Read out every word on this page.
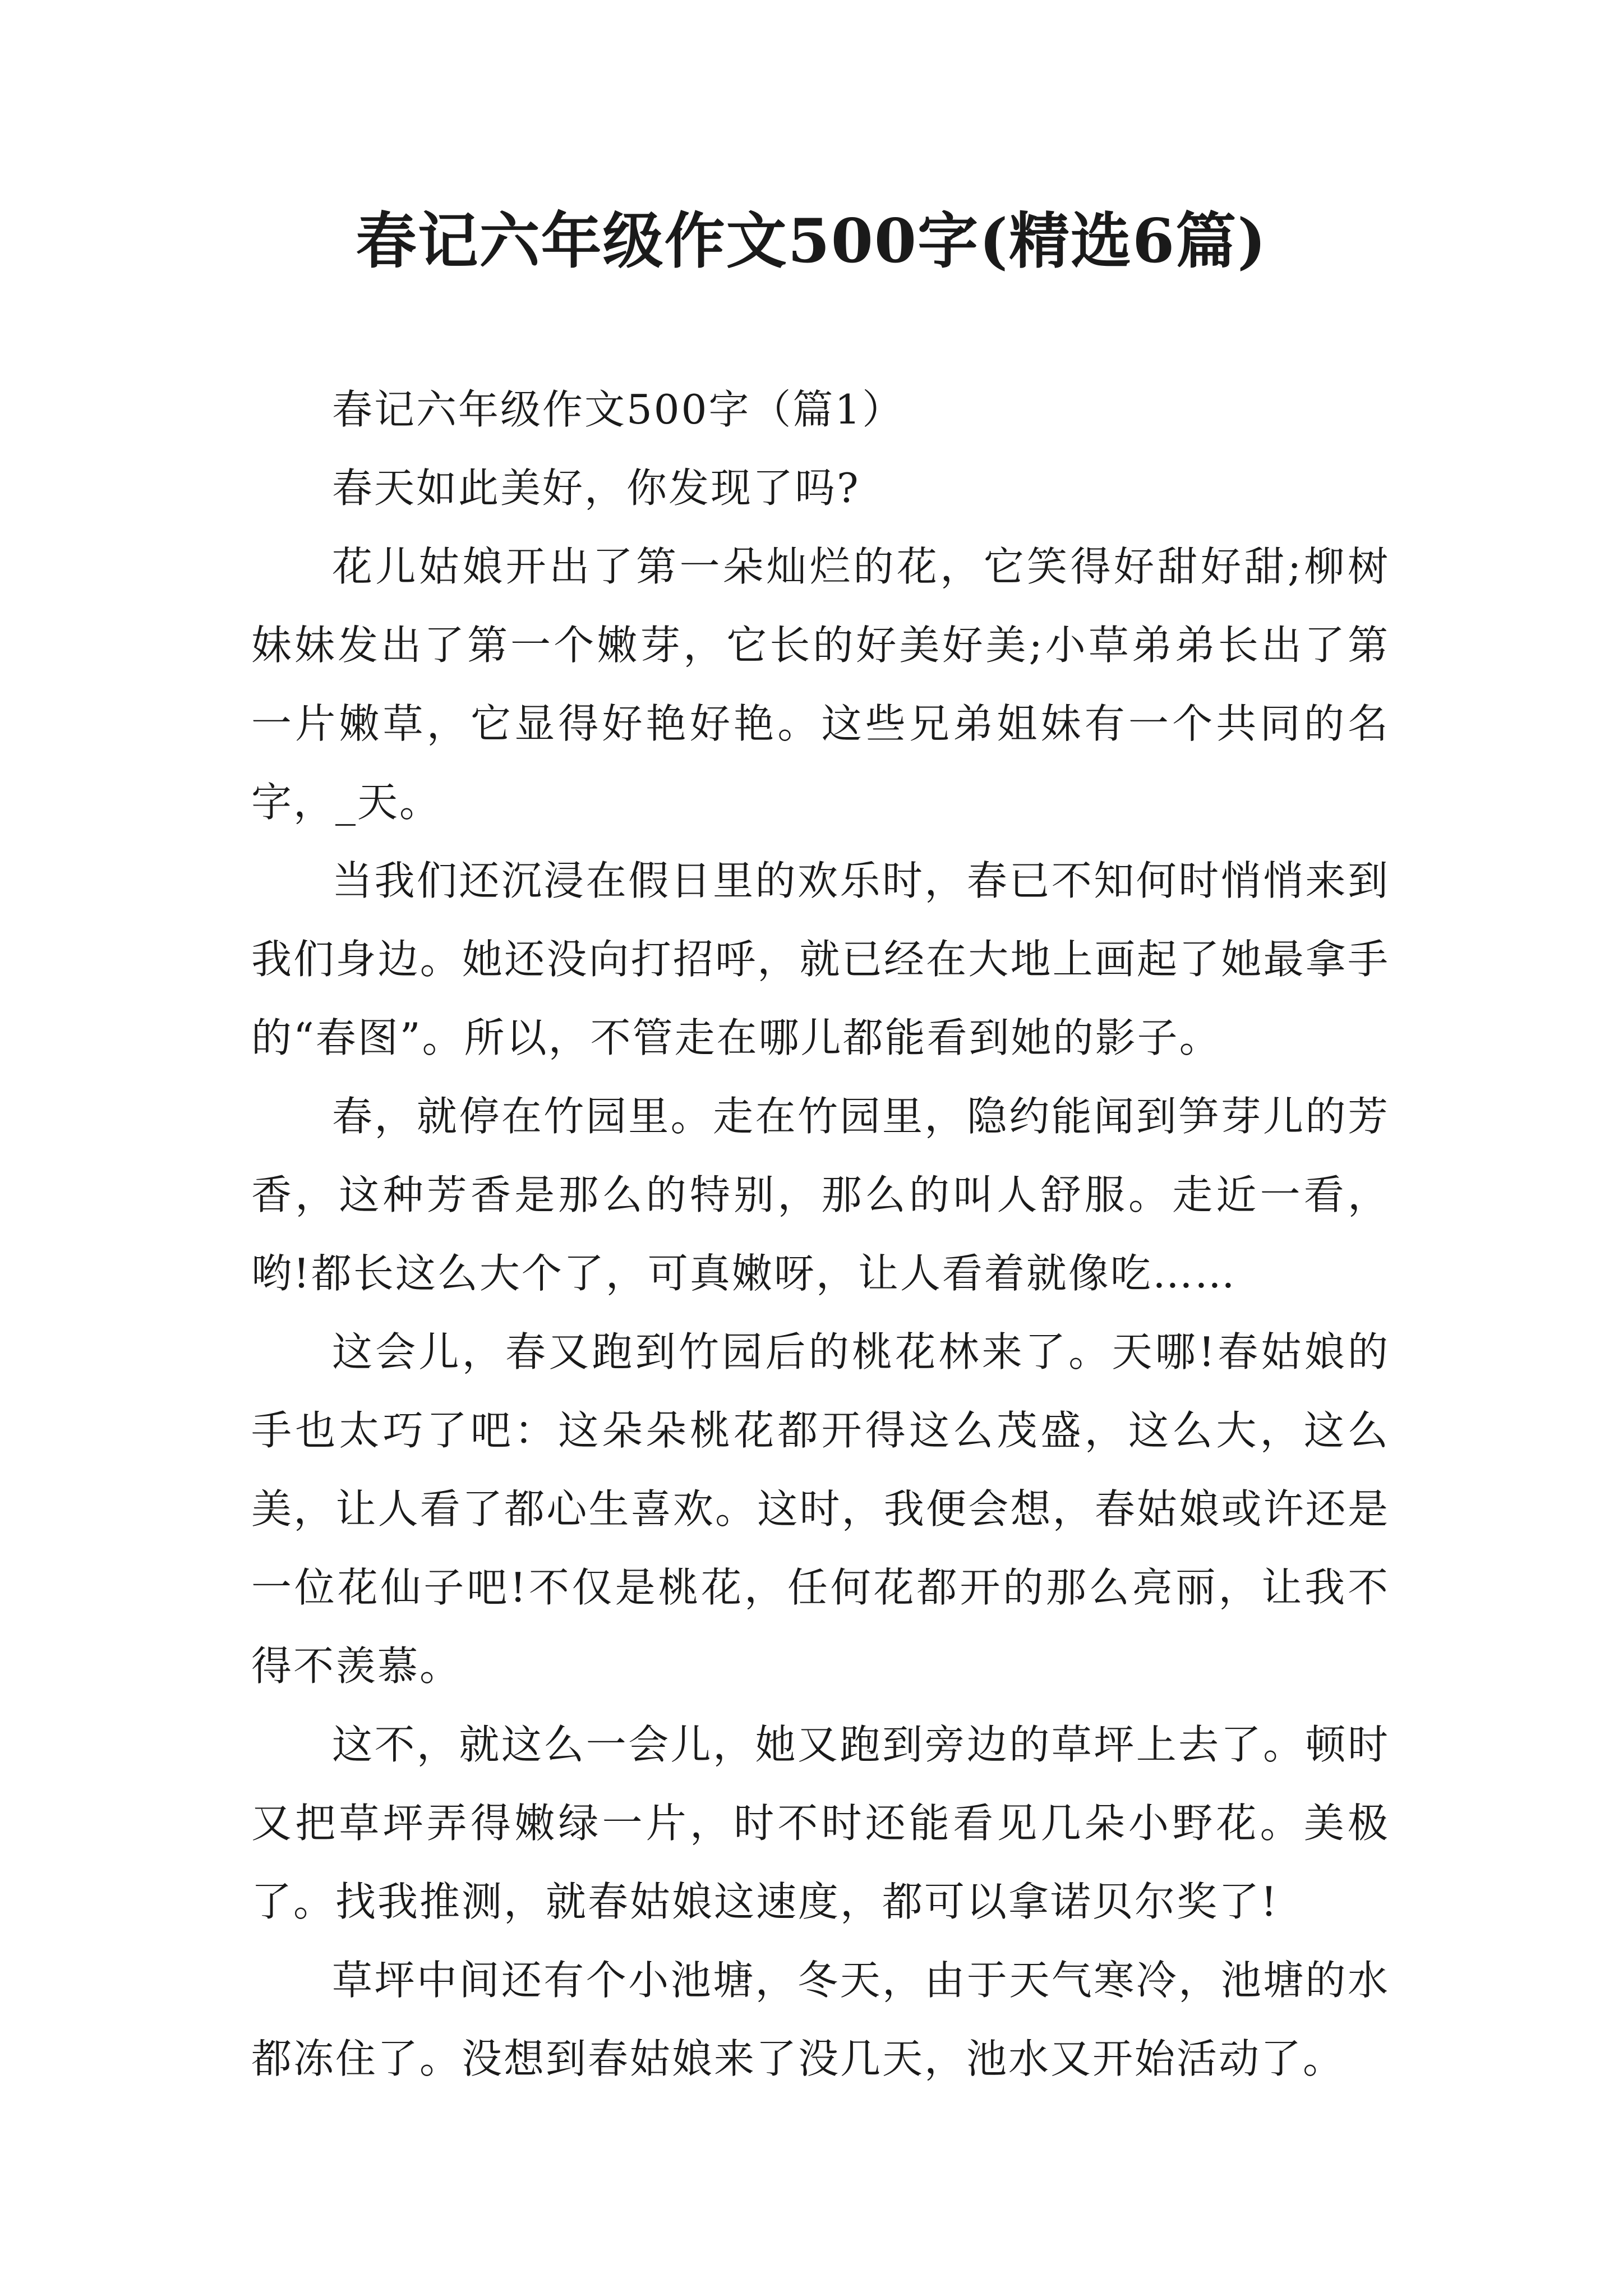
春记六年级作文500字(精选6篇)

春记六年级作文500字（篇1）

春天如此美好，你发现了吗?

花儿姑娘开出了第一朵灿烂的花，它笑得好甜好甜;柳树妹妹发出了第一个嫩芽，它长的好美好美;小草弟弟长出了第一片嫩草，它显得好艳好艳。这些兄弟姐妹有一个共同的名字，_天。

当我们还沉浸在假日里的欢乐时，春已不知何时悄悄来到我们身边。她还没向打招呼，就已经在大地上画起了她最拿手的“春图”。所以，不管走在哪儿都能看到她的影子。

春，就停在竹园里。走在竹园里，隐约能闻到笋芽儿的芳香，这种芳香是那么的特别，那么的叫人舒服。走近一看，哟!都长这么大个了，可真嫩呀，让人看着就像吃……

这会儿，春又跑到竹园后的桃花林来了。天哪!春姑娘的手也太巧了吧：这朵朵桃花都开得这么茂盛，这么大，这么美，让人看了都心生喜欢。这时，我便会想，春姑娘或许还是一位花仙子吧!不仅是桃花，任何花都开的那么亮丽，让我不得不羡慕。

这不，就这么一会儿，她又跑到旁边的草坪上去了。顿时又把草坪弄得嫩绿一片，时不时还能看见几朵小野花。美极了。找我推测，就春姑娘这速度，都可以拿诺贝尔奖了!

草坪中间还有个小池塘，冬天，由于天气寒冷，池塘的水都冻住了。没想到春姑娘来了没几天，池水又开始活动了。
